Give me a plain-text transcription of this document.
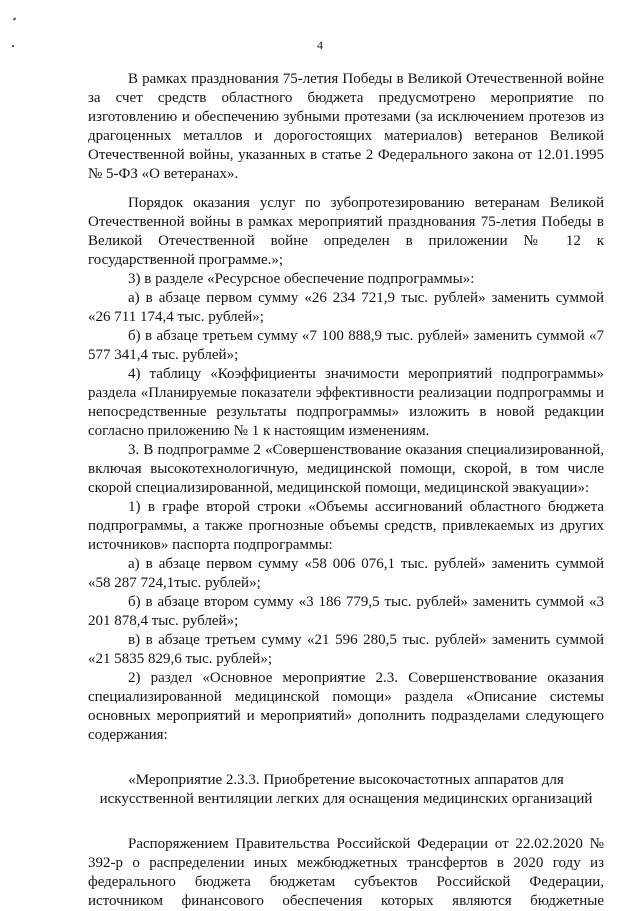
4

В рамках празднования 75-летия Победы в Великой Отечественной войне за счет средств областного бюджета предусмотрено мероприятие по изготовлению и обеспечению зубными протезами (за исключением протезов из драгоценных металлов и дорогостоящих материалов) ветеранов Великой Отечественной войны, указанных в статье 2 Федерального закона от 12.01.1995 № 5-ФЗ «О ветеранах».

Порядок оказания услуг по зубопротезированию ветеранам Великой Отечественной войны в рамках мероприятий празднования 75-летия Победы в Великой Отечественной войне определен в приложении № 12 к государственной программе.»;

3) в разделе «Ресурсное обеспечение подпрограммы»:

а) в абзаце первом сумму «26 234 721,9 тыс. рублей» заменить суммой «26 711 174,4 тыс. рублей»;

б) в абзаце третьем сумму «7 100 888,9 тыс. рублей» заменить суммой «7 577 341,4 тыс. рублей»;

4) таблицу «Коэффициенты значимости мероприятий подпрограммы» раздела «Планируемые показатели эффективности реализации подпрограммы и непосредственные результаты подпрограммы» изложить в новой редакции согласно приложению № 1 к настоящим изменениям.

3. В подпрограмме 2 «Совершенствование оказания специализированной, включая высокотехнологичную, медицинской помощи, скорой, в том числе скорой специализированной, медицинской помощи, медицинской эвакуации»:

1) в графе второй строки «Объемы ассигнований областного бюджета подпрограммы, а также прогнозные объемы средств, привлекаемых из других источников» паспорта подпрограммы:

а) в абзаце первом сумму «58 006 076,1 тыс. рублей» заменить суммой «58 287 724,1тыс. рублей»;

б) в абзаце втором сумму «3 186 779,5 тыс. рублей» заменить суммой «3 201 878,4 тыс. рублей»;

в) в абзаце третьем сумму «21 596 280,5 тыс. рублей» заменить суммой «21 5835 829,6 тыс. рублей»;

2) раздел «Основное мероприятие 2.3. Совершенствование оказания специализированной медицинской помощи» раздела «Описание системы основных мероприятий и мероприятий» дополнить подразделами следующего содержания:

«Мероприятие 2.3.3. Приобретение высокочастотных аппаратов для искусственной вентиляции легких для оснащения медицинских организаций

Распоряжением Правительства Российской Федерации от 22.02.2020 № 392-р о распределении иных межбюджетных трансфертов в 2020 году из федерального бюджета бюджетам субъектов Российской Федерации, источником финансового обеспечения которых являются бюджетные
